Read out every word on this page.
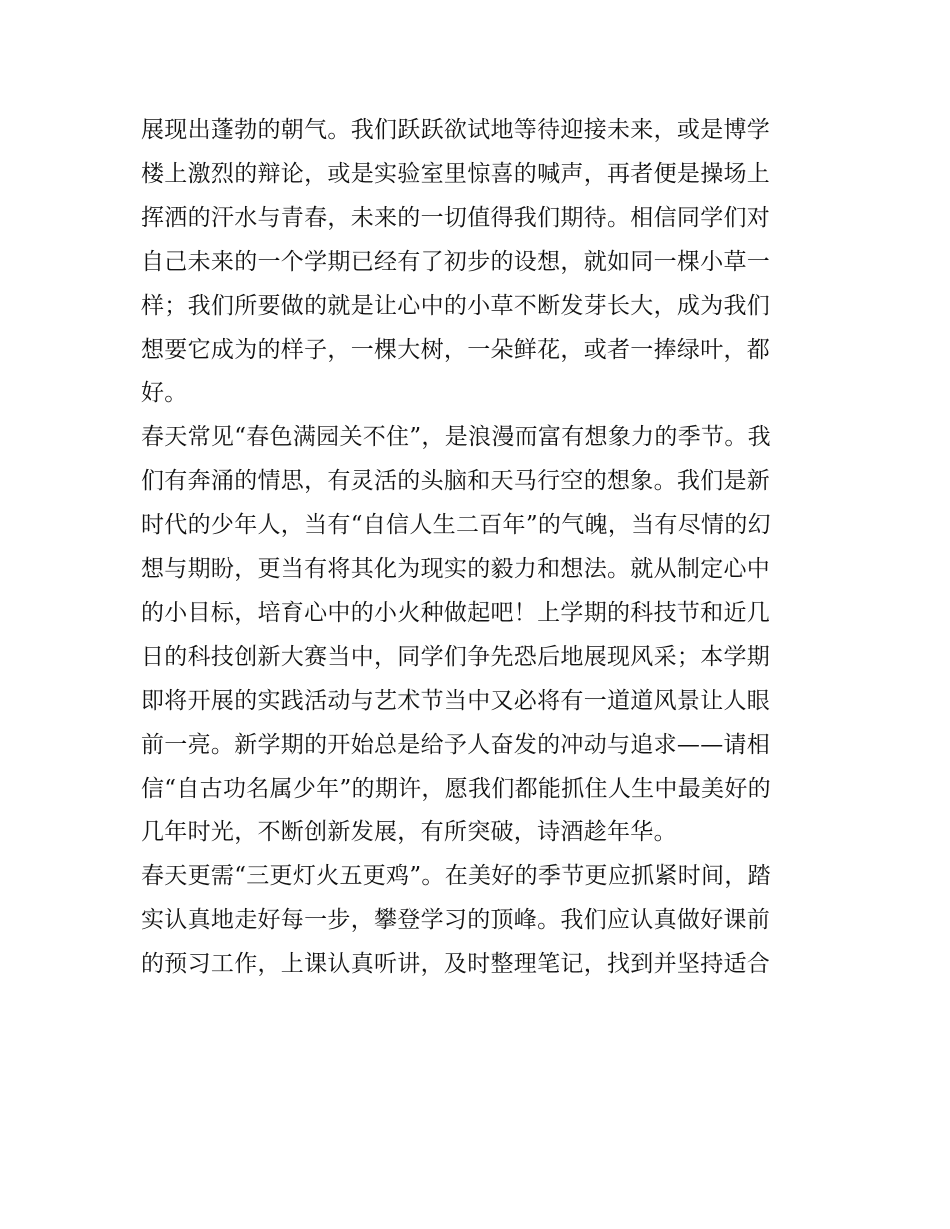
展现出蓬勃的朝气。我们跃跃欲试地等待迎接未来，或是博学
楼上激烈的辩论，或是实验室里惊喜的喊声，再者便是操场上
挥洒的汗水与青春，未来的一切值得我们期待。相信同学们对
自己未来的一个学期已经有了初步的设想，就如同一棵小草一
样；我们所要做的就是让心中的小草不断发芽长大，成为我们
想要它成为的样子，一棵大树，一朵鲜花，或者一捧绿叶，都
好。
春天常见“春色满园关不住”，是浪漫而富有想象力的季节。我
们有奔涌的情思，有灵活的头脑和天马行空的想象。我们是新
时代的少年人，当有“自信人生二百年”的气魄，当有尽情的幻
想与期盼，更当有将其化为现实的毅力和想法。就从制定心中
的小目标，培育心中的小火种做起吧！上学期的科技节和近几
日的科技创新大赛当中，同学们争先恐后地展现风采；本学期
即将开展的实践活动与艺术节当中又必将有一道道风景让人眼
前一亮。新学期的开始总是给予人奋发的冲动与追求——请相
信“自古功名属少年”的期许，愿我们都能抓住人生中最美好的
几年时光，不断创新发展，有所突破，诗酒趁年华。
春天更需“三更灯火五更鸡”。在美好的季节更应抓紧时间，踏
实认真地走好每一步，攀登学习的顶峰。我们应认真做好课前
的预习工作，上课认真听讲，及时整理笔记，找到并坚持适合
